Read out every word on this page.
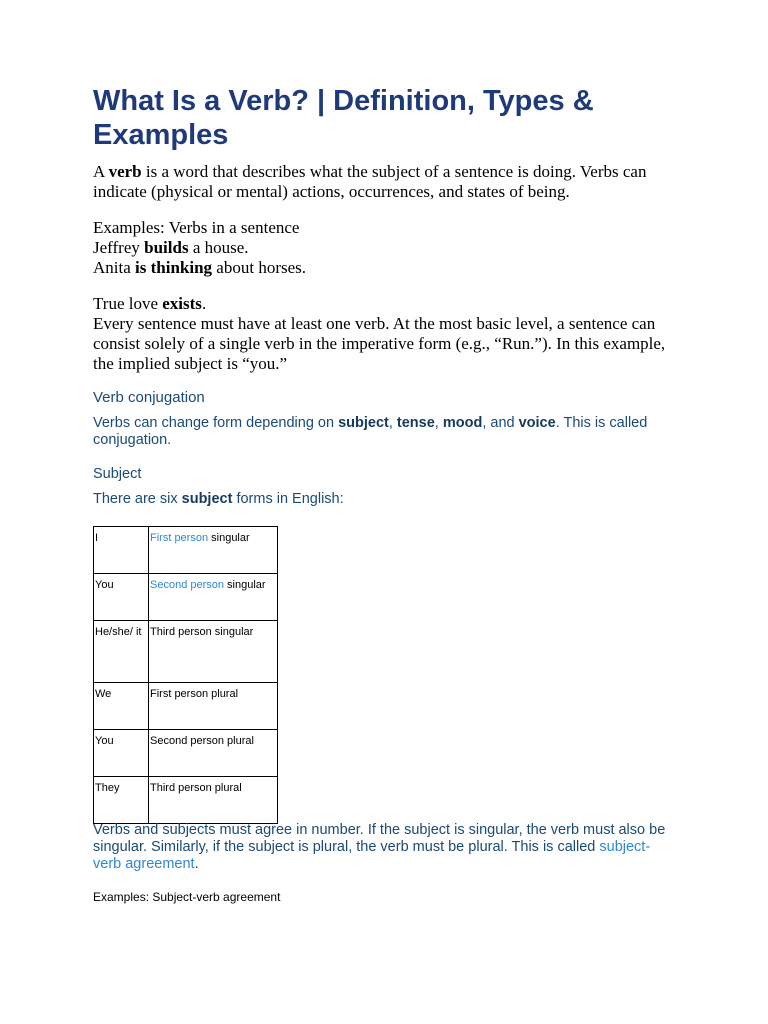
What Is a Verb? | Definition, Types & Examples

A verb is a word that describes what the subject of a sentence is doing. Verbs can indicate (physical or mental) actions, occurrences, and states of being.

Examples: Verbs in a sentence
Jeffrey builds a house.
Anita is thinking about horses.

True love exists.
Every sentence must have at least one verb. At the most basic level, a sentence can consist solely of a single verb in the imperative form (e.g., “Run.”). In this example, the implied subject is “you.”

Verb conjugation

Verbs can change form depending on subject, tense, mood, and voice. This is called conjugation.

Subject

There are six subject forms in English:

I	First person singular
You	Second person singular

He/she/ it	Third person singular
We	First person plural
You	Second person plural
They	Third person plural

Verbs and subjects must agree in number. If the subject is singular, the verb must also be singular. Similarly, if the subject is plural, the verb must be plural. This is called subject-verb agreement.

Examples: Subject-verb agreement
